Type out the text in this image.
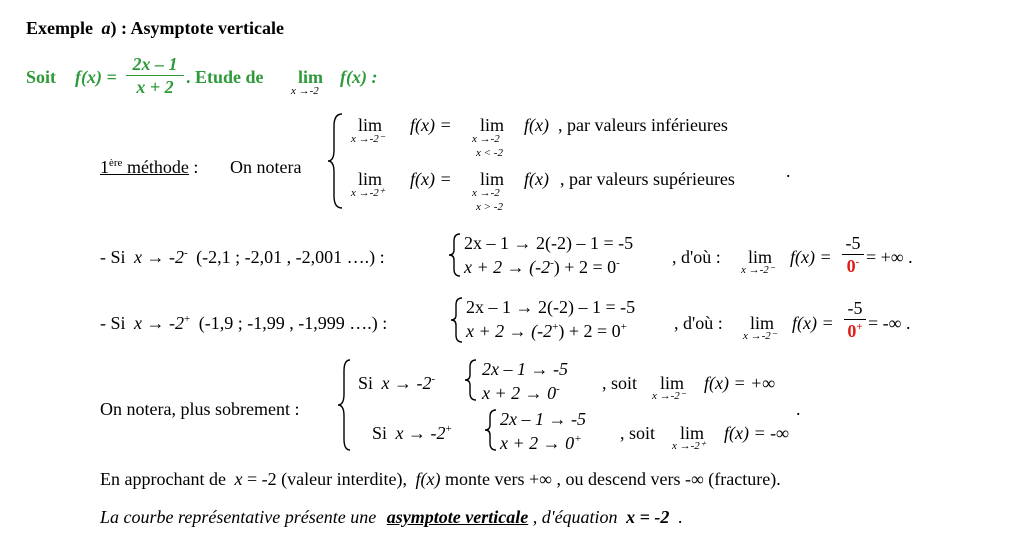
Exemple a) : Asymptote verticale
Soit f(x) =
2x – 1
x + 2 . Etude de lim
x →-2
f(x) :
1ère méthode : On notera
lim
x →-2⁻
f(x) = lim
x →-2
x < -2
f(x) , par valeurs inférieures
lim
x →-2⁺
f(x) = lim
x →-2
x > -2
f(x) , par valeurs supérieures	.
- Si x → -2- (-2,1 ; -2,01 , -2,001 ….) :
2x – 1 → 2(-2) – 1 = -5
x + 2 → (-2-) + 2 = 0-	, d'où : lim
x →-2⁻
f(x) =
-5
0- = +∞ .
- Si x → -2+ (-1,9 ; -1,99 , -1,999 ….) :
2x – 1 → 2(-2) – 1 = -5
x + 2 → (-2+) + 2 = 0+	, d'où : lim
x →-2⁻
f(x) =
-5
0+ = -∞ .
On notera, plus sobrement :
Si x → -2-	2x – 1 → -5
x + 2 → 0- , soit lim
x →-2⁻
f(x) = +∞
Si x → -2+	2x – 1 → -5
x + 2 → 0+ , soit lim
x →-2⁺
f(x) = -∞
.
En approchant de x = -2 (valeur interdite), f(x) monte vers +∞ , ou descend vers -∞ (fracture).
La courbe représentative présente une asymptote verticale , d'équation x = -2 .
